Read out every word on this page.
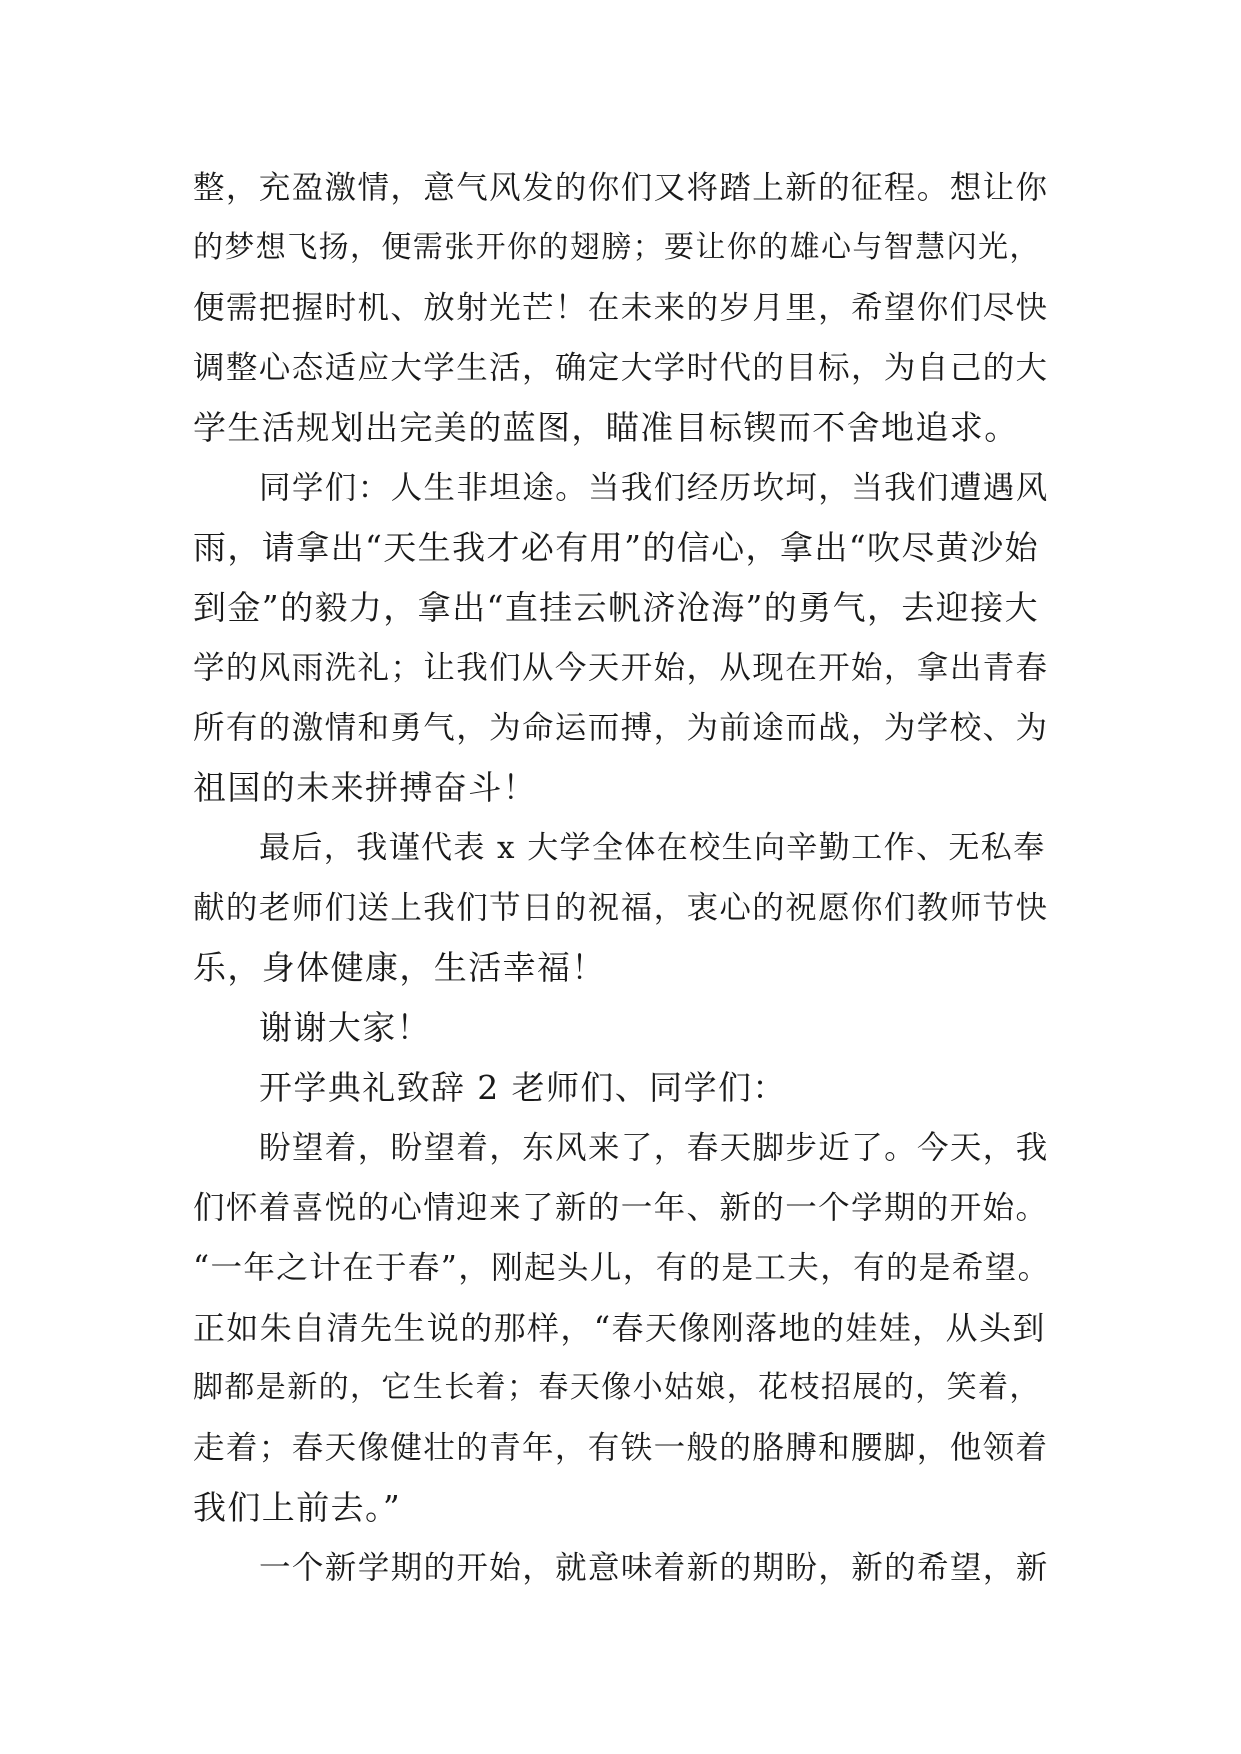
整，充盈激情，意气风发的你们又将踏上新的征程。想让你
的梦想飞扬，便需张开你的翅膀；要让你的雄心与智慧闪光，
便需把握时机、放射光芒！在未来的岁月里，希望你们尽快
调整心态适应大学生活，确定大学时代的目标，为自己的大
学生活规划出完美的蓝图，瞄准目标锲而不舍地追求。
同学们：人生非坦途。当我们经历坎坷，当我们遭遇风
雨，请拿出“天生我才必有用”的信心，拿出“吹尽黄沙始
到金”的毅力，拿出“直挂云帆济沧海”的勇气，去迎接大
学的风雨洗礼；让我们从今天开始，从现在开始，拿出青春
所有的激情和勇气，为命运而搏，为前途而战，为学校、为
祖国的未来拼搏奋斗！
最后，我谨代表 x 大学全体在校生向辛勤工作、无私奉
献的老师们送上我们节日的祝福，衷心的祝愿你们教师节快
乐，身体健康，生活幸福！
谢谢大家！
开学典礼致辞 2 老师们、同学们：
盼望着，盼望着，东风来了，春天脚步近了。今天，我
们怀着喜悦的心情迎来了新的一年、新的一个学期的开始。
“一年之计在于春”，刚起头儿，有的是工夫，有的是希望。
正如朱自清先生说的那样，“春天像刚落地的娃娃，从头到
脚都是新的，它生长着；春天像小姑娘，花枝招展的，笑着，
走着；春天像健壮的青年，有铁一般的胳膊和腰脚，他领着
我们上前去。”
一个新学期的开始，就意味着新的期盼，新的希望，新
